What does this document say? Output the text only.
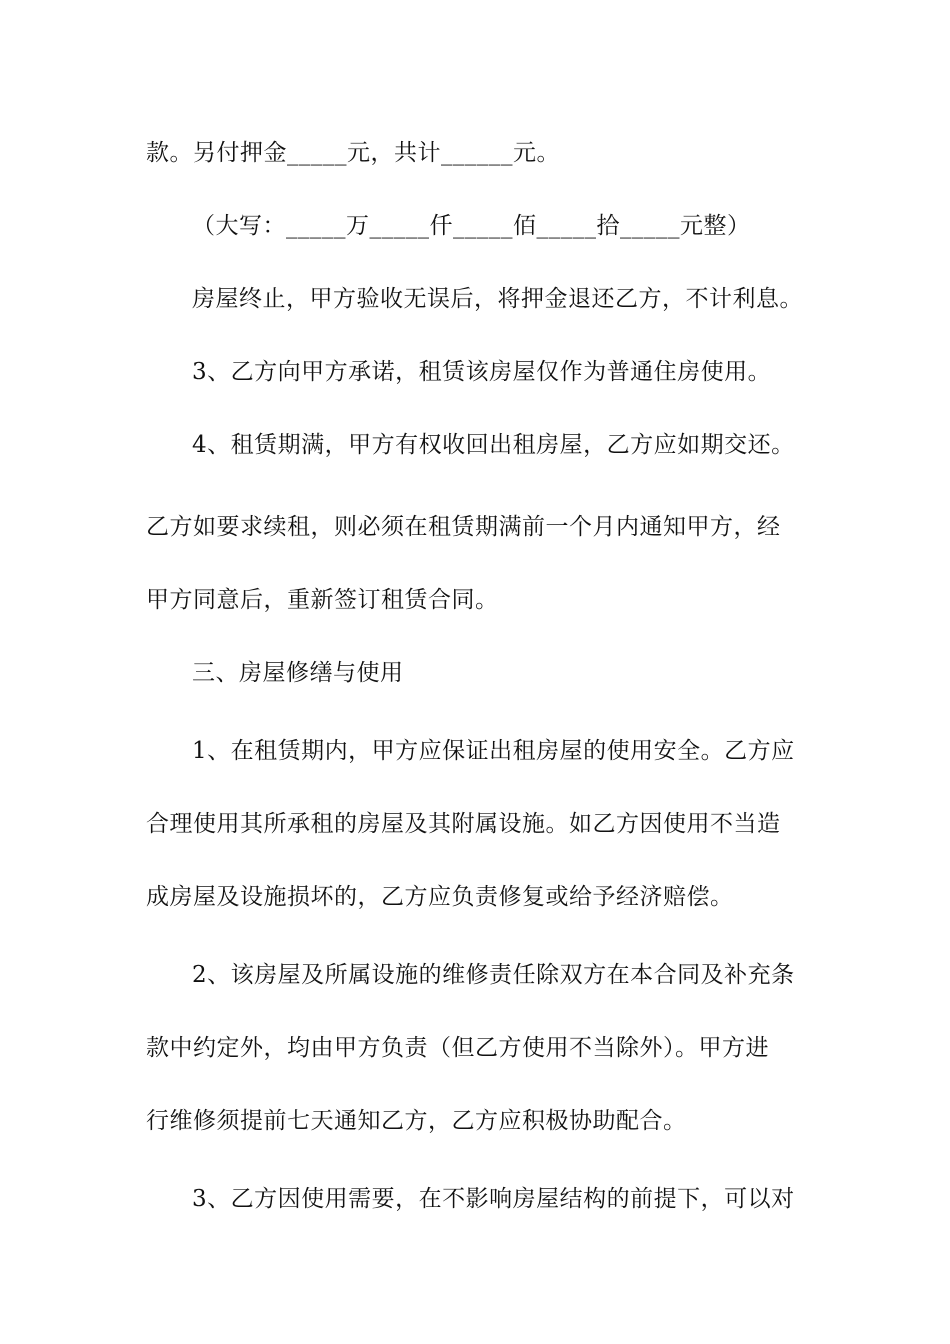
款。另付押金_____元，共计______元。
（大写：_____万_____仟_____佰_____拾_____元整）
房屋终止，甲方验收无误后，将押金退还乙方，不计利息。
3、乙方向甲方承诺，租赁该房屋仅作为普通住房使用。
4、租赁期满，甲方有权收回出租房屋，乙方应如期交还。
乙方如要求续租，则必须在租赁期满前一个月内通知甲方，经
甲方同意后，重新签订租赁合同。
三、房屋修缮与使用
1、在租赁期内，甲方应保证出租房屋的使用安全。乙方应
合理使用其所承租的房屋及其附属设施。如乙方因使用不当造
成房屋及设施损坏的，乙方应负责修复或给予经济赔偿。
2、该房屋及所属设施的维修责任除双方在本合同及补充条
款中约定外，均由甲方负责（但乙方使用不当除外）。甲方进
行维修须提前七天通知乙方，乙方应积极协助配合。
3、乙方因使用需要，在不影响房屋结构的前提下，可以对
